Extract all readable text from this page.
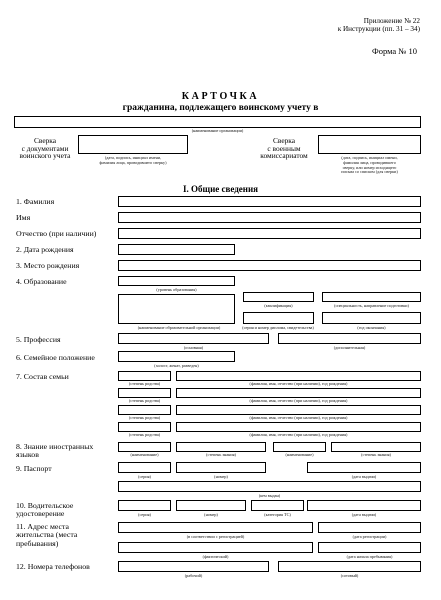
Приложение № 22
к Инструкции (пп. 31 – 34)
Форма № 10
КАРТОЧКА
гражданина, подлежащего воинскому учету в
(наименование организации)
Сверка
с документами
воинского учета	(дата, подпись, инициал имени,
фамилия лица, проводившего сверку)
Сверка
с военным
комиссариатом	(дата, подпись, инициал имени,
фамилия лица, проводившего
сверку, или номер исходящего
письма со списком (для сверки)
I. Общие сведения
1. Фамилия
Имя
Отчество (при наличии)
2. Дата рождения
3. Место рождения
4. Образование
(уровень образования)
(квалификация)	(специальность, направление подготовки)
(наименование образовательной организации)	(серия и номер диплома, свидетельства)	(год окончания)
5. Профессия
(основная)	(дополнительная)
6. Семейное положение
(холост, женат, разведен)
7. Состав семьи
(степень родства)	(фамилия, имя, отчество (при наличии), год рождения)
(степень родства)	(фамилия, имя, отчество (при наличии), год рождения)
(степень родства)	(фамилия, имя, отчество (при наличии), год рождения)
(степень родства)	(фамилия, имя, отчество (при наличии), год рождения)
8. Знание иностранных
языков	(наименование)	(степень знания)	(наименование)	(степень знания)
9. Паспорт
(серия)	(номер)	(дата выдачи)
(кем выдан)
10. Водительское
удостоверение	(серия)	(номер)	(категория ТС)	(дата выдачи)
11. Адрес места
жительства (места
пребывания)
(в соответствии с регистрацией)	(дата регистрации)
(фактический)	(дата начала пребывания)
12. Номера телефонов
(рабочий)	(сотовый)
